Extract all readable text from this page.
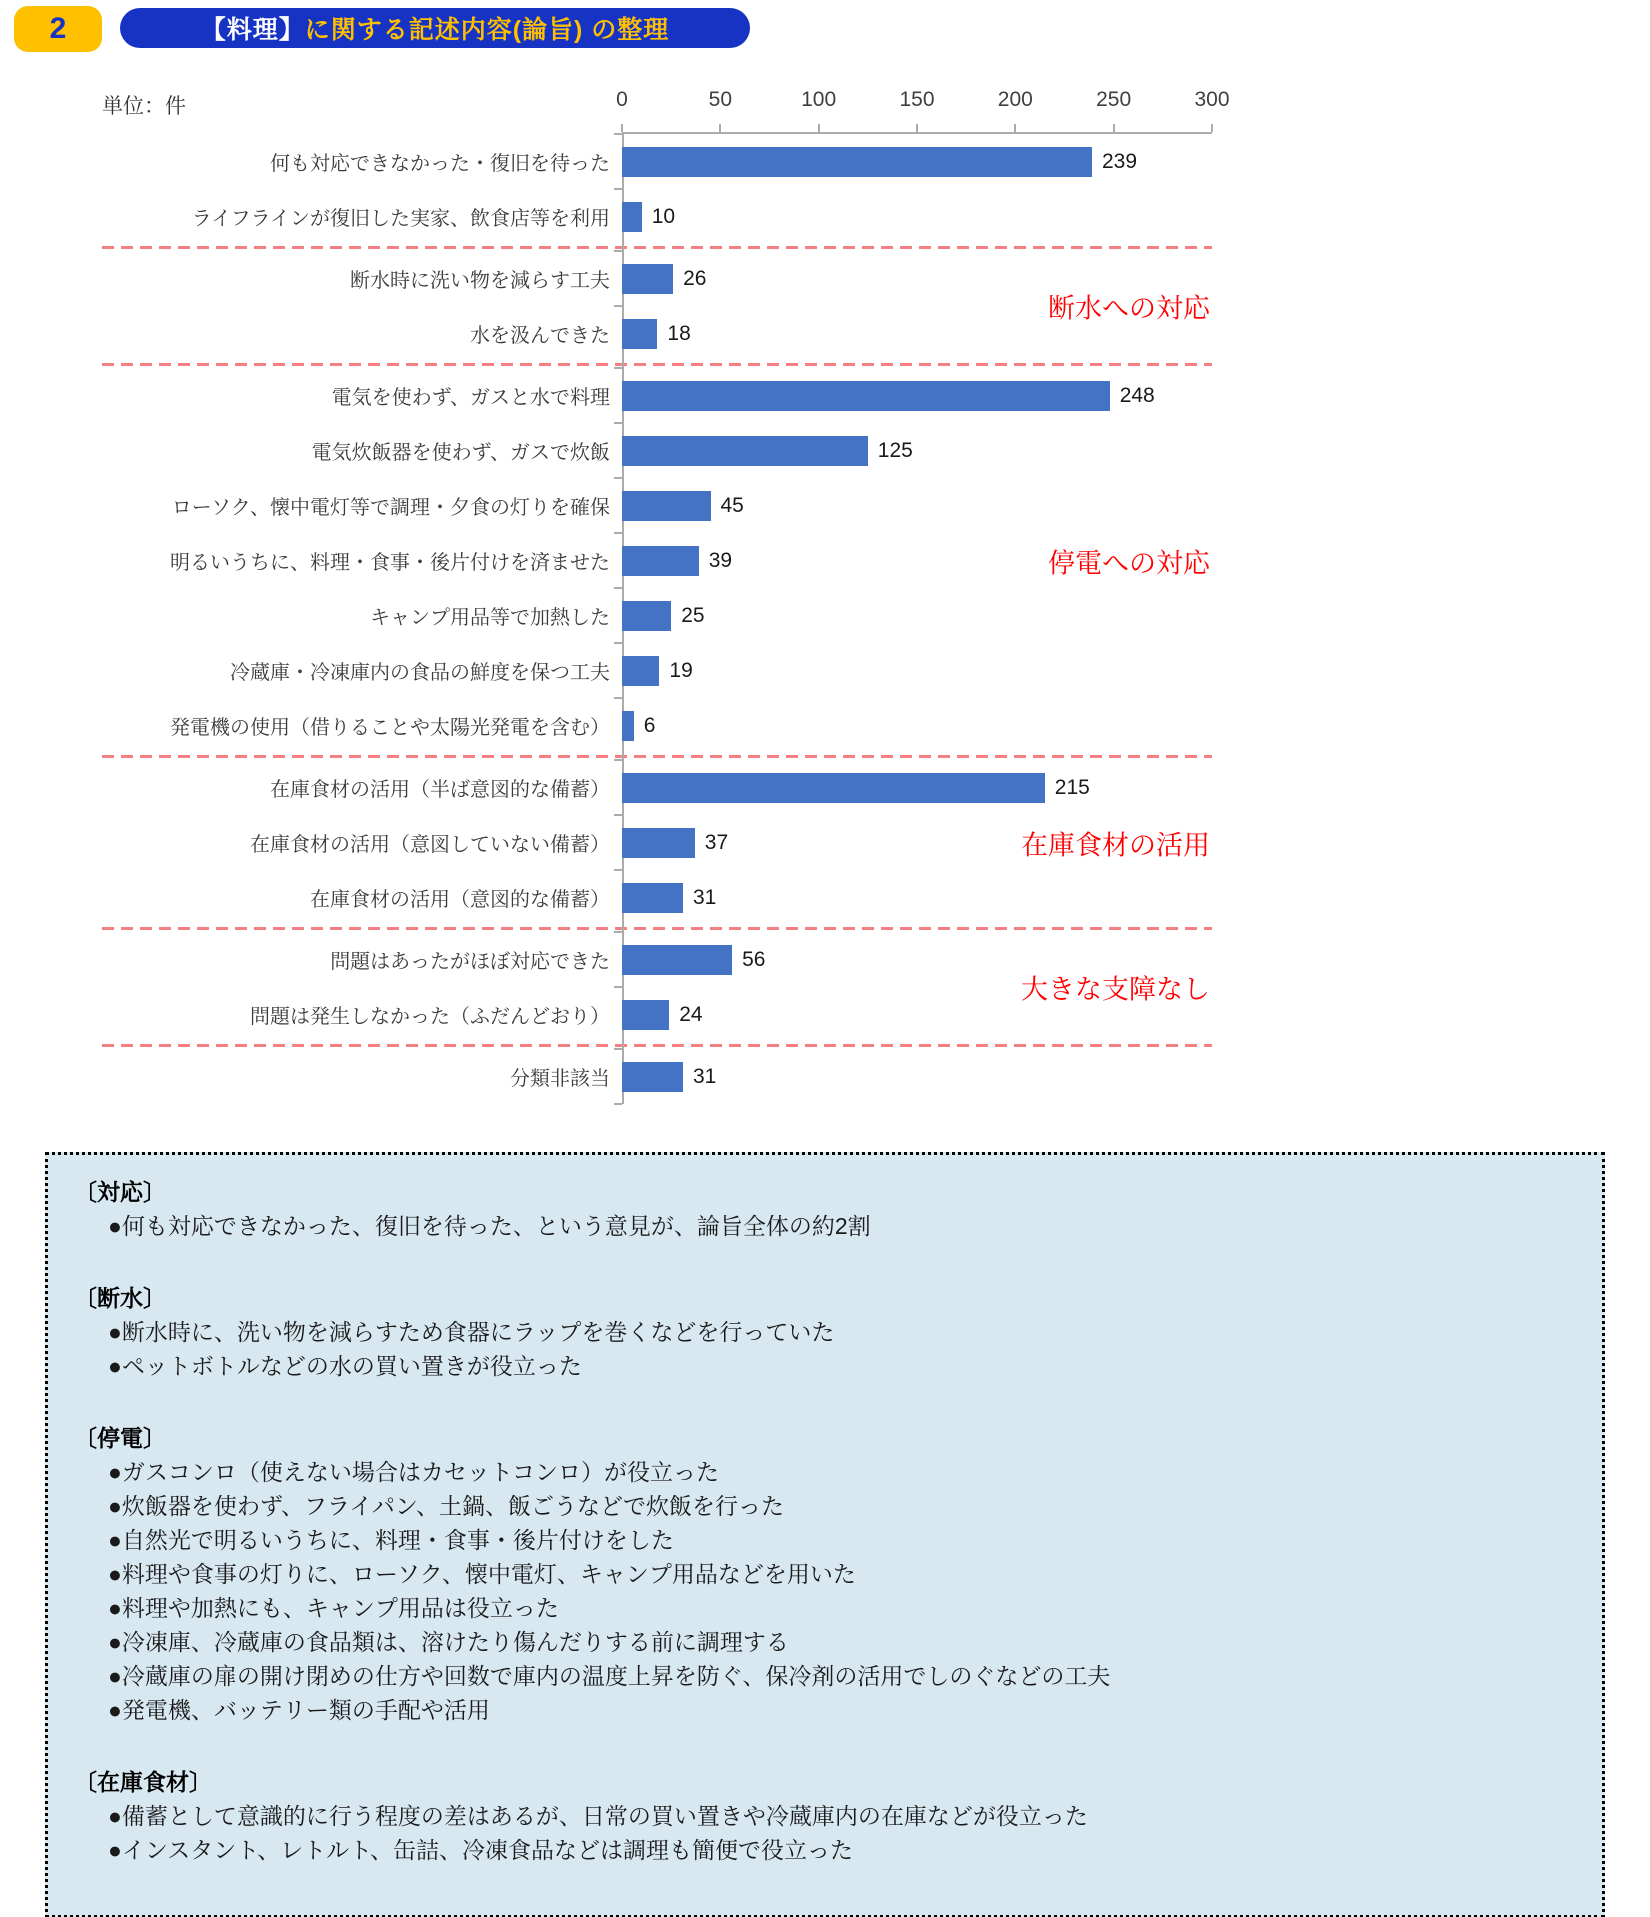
2	【料理】 に関する記述内容(論旨) の整理
単位：件	0	50	100	150	200	250	300
何も対応できなかった・復旧を待った	239
ライフラインが復旧した実家、飲食店等を利用	10
断水時に洗い物を減らす工夫	26
水を汲んできた	18
断水への対応
電気を使わず、ガスと水で料理	248
電気炊飯器を使わず、ガスで炊飯	125
ローソク、懐中電灯等で調理・夕食の灯りを確保	45
明るいうちに、料理・食事・後片付けを済ませた	39
キャンプ用品等で加熱した	25
冷蔵庫・冷凍庫内の食品の鮮度を保つ工夫	19
発電機の使用（借りることや太陽光発電を含む）	6
停電への対応
在庫食材の活用（半ば意図的な備蓄）	215
在庫食材の活用（意図していない備蓄）	37
在庫食材の活用（意図的な備蓄）	31
在庫食材の活用
問題はあったがほぼ対応できた	56
問題は発生しなかった（ふだんどおり）	24
大きな支障なし
分類非該当	31
〔対応〕
●何も対応できなかった、復旧を待った、という意見が、論旨全体の約2割
〔断水〕
●断水時に、洗い物を減らすため食器にラップを巻くなどを行っていた
●ペットボトルなどの水の買い置きが役立った
〔停電〕
●ガスコンロ（使えない場合はカセットコンロ）が役立った
●炊飯器を使わず、フライパン、土鍋、飯ごうなどで炊飯を行った
●自然光で明るいうちに、料理・食事・後片付けをした
●料理や食事の灯りに、ローソク、懐中電灯、キャンプ用品などを用いた
●料理や加熱にも、キャンプ用品は役立った
●冷凍庫、冷蔵庫の食品類は、溶けたり傷んだりする前に調理する
●冷蔵庫の扉の開け閉めの仕方や回数で庫内の温度上昇を防ぐ、保冷剤の活用でしのぐなどの工夫
●発電機、バッテリー類の手配や活用
〔在庫食材〕
●備蓄として意識的に行う程度の差はあるが、日常の買い置きや冷蔵庫内の在庫などが役立った
●インスタント、レトルト、缶詰、冷凍食品などは調理も簡便で役立った
